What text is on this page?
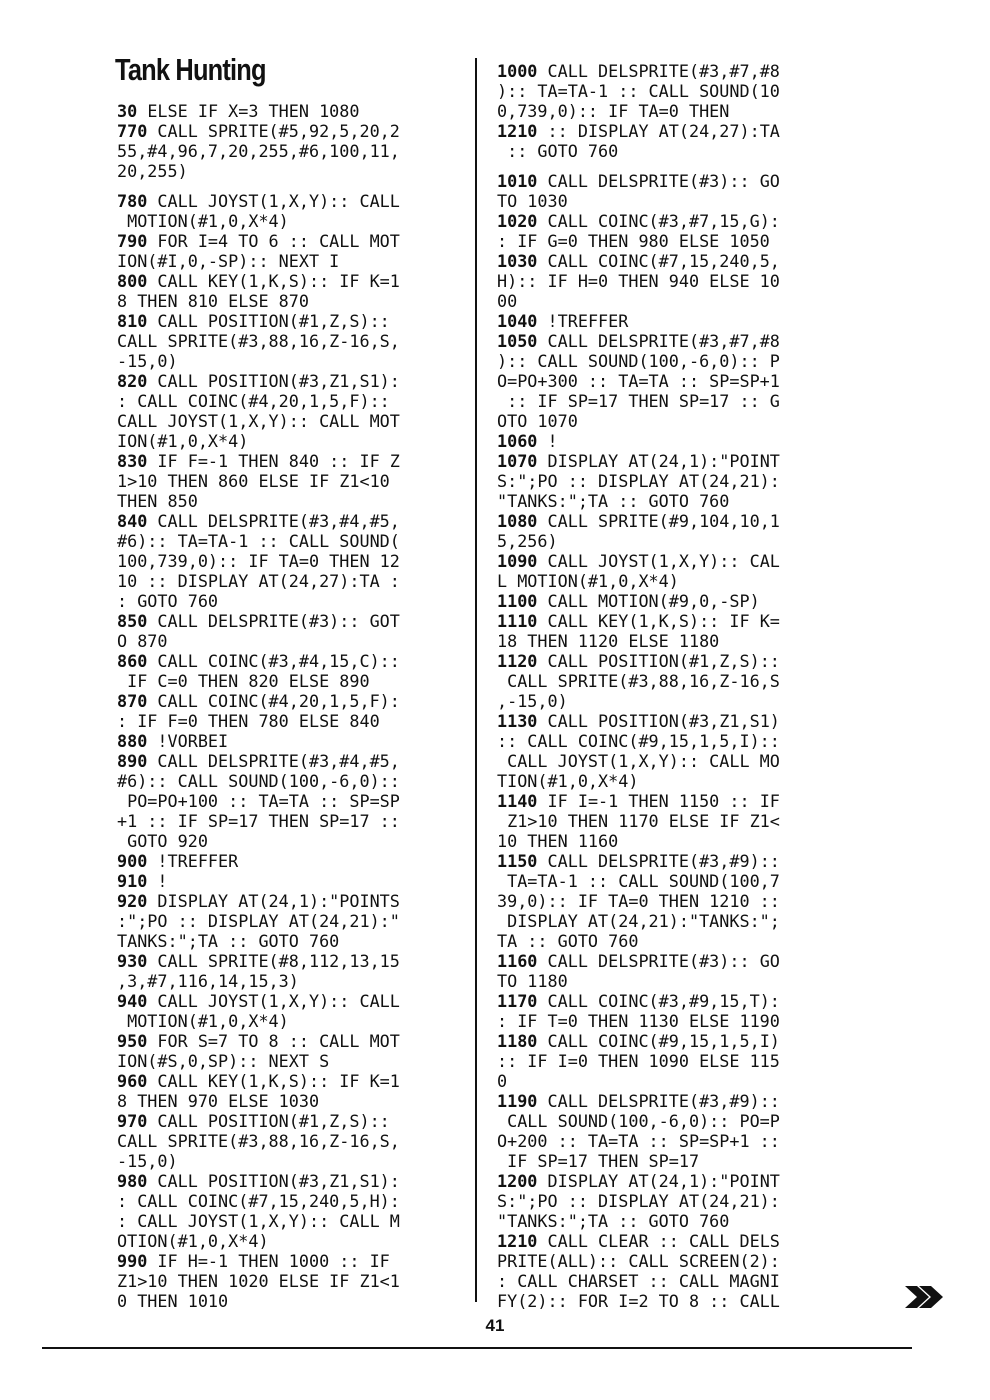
Tank Hunting
30 ELSE IF X=3 THEN 1080
770 CALL SPRITE(#5,92,5,20,2
55,#4,96,7,20,255,#6,100,11,
20,255)
780 CALL JOYST(1,X,Y):: CALL
MOTION(#1,0,X*4)
790 FOR I=4 TO 6 :: CALL MOT
ION(#I,0,-SP):: NEXT I
800 CALL KEY(1,K,S):: IF K=1
8 THEN 810 ELSE 870
810 CALL POSITION(#1,Z,S)::
CALL SPRITE(#3,88,16,Z-16,S,
-15,0)
820 CALL POSITION(#3,Z1,S1):
: CALL COINC(#4,20,1,5,F)::
CALL JOYST(1,X,Y):: CALL MOT
ION(#1,0,X*4)
830 IF F=-1 THEN 840 :: IF Z
1>10 THEN 860 ELSE IF Z1<10
THEN 850
840 CALL DELSPRITE(#3,#4,#5,
#6):: TA=TA-1 :: CALL SOUND(
100,739,0):: IF TA=0 THEN 12
10 :: DISPLAY AT(24,27):TA :
: GOTO 760
850 CALL DELSPRITE(#3):: GOT
O 870
860 CALL COINC(#3,#4,15,C)::
IF C=0 THEN 820 ELSE 890
870 CALL COINC(#4,20,1,5,F):
: IF F=0 THEN 780 ELSE 840
880 !VORBEI
890 CALL DELSPRITE(#3,#4,#5,
#6):: CALL SOUND(100,-6,0)::
PO=PO+100 :: TA=TA :: SP=SP
+1 :: IF SP=17 THEN SP=17 ::
GOTO 920
900 !TREFFER
910 !
920 DISPLAY AT(24,1):"POINTS
:";PO :: DISPLAY AT(24,21):"
TANKS:";TA :: GOTO 760
930 CALL SPRITE(#8,112,13,15
,3,#7,116,14,15,3)
940 CALL JOYST(1,X,Y):: CALL
MOTION(#1,0,X*4)
950 FOR S=7 TO 8 :: CALL MOT
ION(#S,0,SP):: NEXT S
960 CALL KEY(1,K,S):: IF K=1
8 THEN 970 ELSE 1030
970 CALL POSITION(#1,Z,S)::
CALL SPRITE(#3,88,16,Z-16,S,
-15,0)
980 CALL POSITION(#3,Z1,S1):
: CALL COINC(#7,15,240,5,H):
: CALL JOYST(1,X,Y):: CALL M
OTION(#1,0,X*4)
990 IF H=-1 THEN 1000 :: IF
Z1>10 THEN 1020 ELSE IF Z1<1
0 THEN 1010
1000 CALL DELSPRITE(#3,#7,#8
):: TA=TA-1 :: CALL SOUND(10
0,739,0):: IF TA=0 THEN
1210 :: DISPLAY AT(24,27):TA
:: GOTO 760
1010 CALL DELSPRITE(#3):: GO
TO 1030
1020 CALL COINC(#3,#7,15,G):
: IF G=0 THEN 980 ELSE 1050
1030 CALL COINC(#7,15,240,5,
H):: IF H=0 THEN 940 ELSE 10
00
1040 !TREFFER
1050 CALL DELSPRITE(#3,#7,#8
):: CALL SOUND(100,-6,0):: P
O=PO+300 :: TA=TA :: SP=SP+1
:: IF SP=17 THEN SP=17 :: G
OTO 1070
1060 !
1070 DISPLAY AT(24,1):"POINT
S:";PO :: DISPLAY AT(24,21):
"TANKS:";TA :: GOTO 760
1080 CALL SPRITE(#9,104,10,1
5,256)
1090 CALL JOYST(1,X,Y):: CAL
L MOTION(#1,0,X*4)
1100 CALL MOTION(#9,0,-SP)
1110 CALL KEY(1,K,S):: IF K=
18 THEN 1120 ELSE 1180
1120 CALL POSITION(#1,Z,S)::
CALL SPRITE(#3,88,16,Z-16,S
,-15,0)
1130 CALL POSITION(#3,Z1,S1)
:: CALL COINC(#9,15,1,5,I)::
CALL JOYST(1,X,Y):: CALL MO
TION(#1,0,X*4)
1140 IF I=-1 THEN 1150 :: IF
Z1>10 THEN 1170 ELSE IF Z1<
10 THEN 1160
1150 CALL DELSPRITE(#3,#9)::
TA=TA-1 :: CALL SOUND(100,7
39,0):: IF TA=0 THEN 1210 ::
DISPLAY AT(24,21):"TANKS:";
TA :: GOTO 760
1160 CALL DELSPRITE(#3):: GO
TO 1180
1170 CALL COINC(#3,#9,15,T):
: IF T=0 THEN 1130 ELSE 1190
1180 CALL COINC(#9,15,1,5,I)
:: IF I=0 THEN 1090 ELSE 115
0
1190 CALL DELSPRITE(#3,#9)::
CALL SOUND(100,-6,0):: PO=P
O+200 :: TA=TA :: SP=SP+1 ::
IF SP=17 THEN SP=17
1200 DISPLAY AT(24,1):"POINT
S:";PO :: DISPLAY AT(24,21):
"TANKS:";TA :: GOTO 760
1210 CALL CLEAR :: CALL DELS
PRITE(ALL):: CALL SCREEN(2):
: CALL CHARSET :: CALL MAGNI
FY(2):: FOR I=2 TO 8 :: CALL
41
